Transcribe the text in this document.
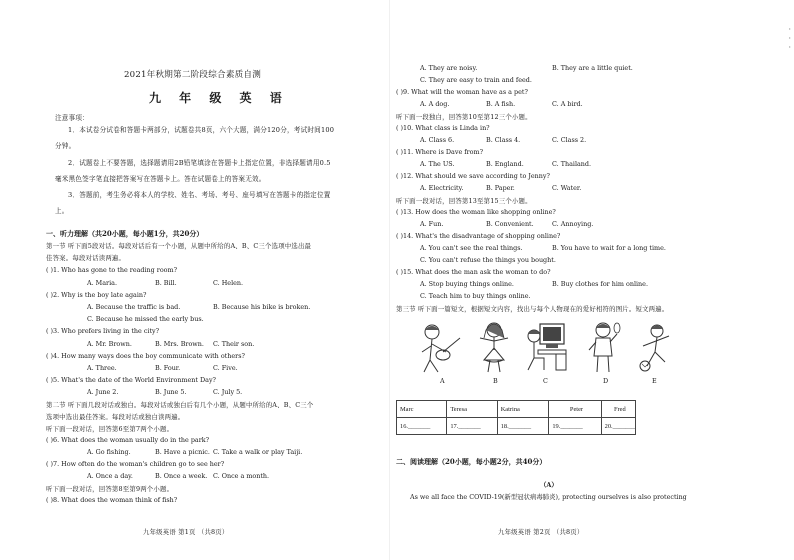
2021年秋期第二阶段综合素质自测
九 年 级 英 语
注意事项：
1．本试卷分试卷和答题卡两部分，试题卷共8页，六个大题，满分120分，考试时间100
分钟。
2．试题卷上不要答题，选择题请用2B铅笔填涂在答题卡上指定位置，非选择题请用0.5
毫米黑色签字笔直接把答案写在答题卡上。答在试题卷上的答案无效。
3．答题前，考生务必将本人的学校、姓名、考场、考号、座号填写在答题卡的指定位置
上。
一、听力理解（共20小题，每小题1分，共20分）
第一节 听下面5段对话。每段对话后有一个小题，从题中所给的A、B、C三个选项中选出最
佳答案。每段对话读两遍。
( )1. Who has gone to the reading room?
A. Maria.	B. Bill.	C. Helen.
( )2. Why is the boy late again?
A. Because the traffic is bad.	B. Because his bike is broken.
C. Because he missed the early bus.
( )3. Who prefers living in the city?
A. Mr. Brown.	B. Mrs. Brown. C. Their son.
( )4. How many ways does the boy communicate with others?
A. Three.	B. Four.	C. Five.
( )5. What's the date of the World Environment Day?
A. June 2.	B. June 5.	C. July 5.
第二节 听下面几段对话或独白。每段对话或独白后有几个小题，从题中所给的A、B、C三个
选项中选出最佳答案。每段对话或独白读两遍。
听下面一段对话，回答第6至第7两个小题。
( )6. What does the woman usually do in the park?
A. Go fishing.	B. Have a picnic. C. Take a walk or play Taiji.
( )7. How often do the woman's children go to see her?
A. Once a day.	B. Once a week. C. Once a month.
听下面一段对话，回答第8至第9两个小题。
( )8. What does the woman think of fish?
九年级英语 第1页 （共8页）
A. They are noisy.	B. They are a little quiet.
C. They are easy to train and feed.
( )9. What will the woman have as a pet?
A. A dog.	B. A fish.	C. A bird.
听下面一段独白，回答第10至第12三个小题。
( )10. What class is Linda in?
A. Class 6.	B. Class 4.	C. Class 2.
( )11. Where is Dave from?
A. The US.	B. England.	C. Thailand.
( )12. What should we save according to Jenny?
A. Electricity.	B. Paper.	C. Water.
听下面一段对话，回答第13至第15三个小题。
( )13. How does the woman like shopping online?
A. Fun.	B. Convenient.	C. Annoying.
( )14. What's the disadvantage of shopping online?
A. You can't see the real things.	B. You have to wait for a long time.
C. You can't refuse the things you bought.
( )15. What does the man ask the woman to do?
A. Stop buying things online.	B. Buy clothes for him online.
C. Teach him to buy things online.
第三节 听下面一篇短文，根据短文内容，找出与每个人物现在的爱好相符的图片。短文两遍。
A	B	C	D	E
Marc	Teresa	Katrina	Peter	Fred
16._______	17._______	18._______	19._______	20._______
二、阅读理解（20小题，每小题2分，共40分）
（A）
As we all face the COVID-19(新型冠状病毒肺炎), protecting ourselves is also protecting
九年级英语 第2页 （共8页）
·
·
·
